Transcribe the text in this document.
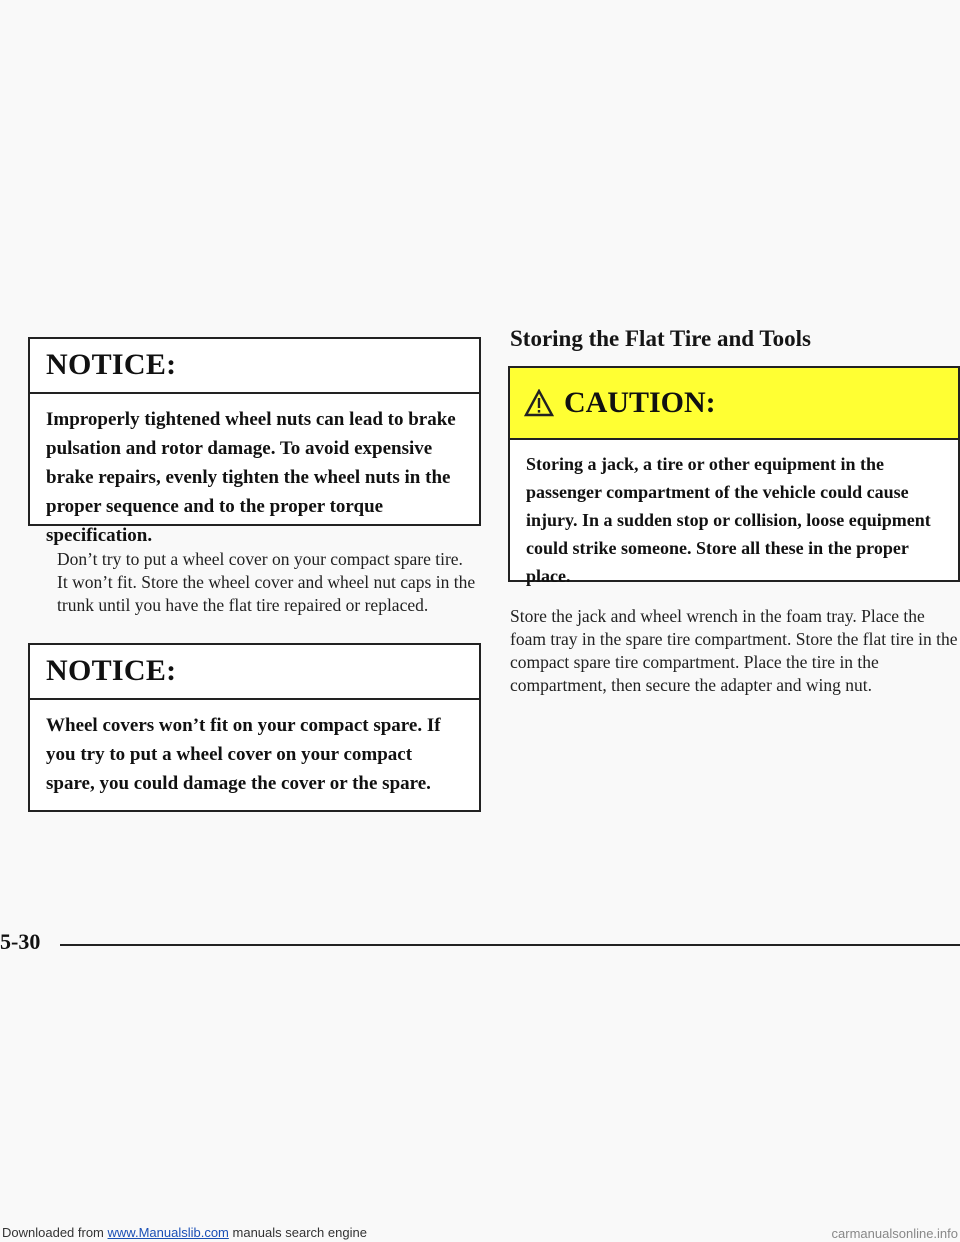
NOTICE:
Improperly tightened wheel nuts can lead to brake pulsation and rotor damage. To avoid expensive brake repairs, evenly tighten the wheel nuts in the proper sequence and to the proper torque specification.
Don’t try to put a wheel cover on your compact spare tire. It won’t fit. Store the wheel cover and wheel nut caps in the trunk until you have the flat tire repaired or replaced.
NOTICE:
Wheel covers won’t fit on your compact spare. If you try to put a wheel cover on your compact spare, you could damage the cover or the spare.
Storing the Flat Tire and Tools
CAUTION:
Storing a jack, a tire or other equipment in the passenger compartment of the vehicle could cause injury. In a sudden stop or collision, loose equipment could strike someone. Store all these in the proper place.
Store the jack and wheel wrench in the foam tray. Place the foam tray in the spare tire compartment. Store the flat tire in the compact spare tire compartment. Place the tire in the compartment, then secure the adapter and wing nut.
5-30
Downloaded from www.Manualslib.com manuals search engine	carmanualsonline.info
